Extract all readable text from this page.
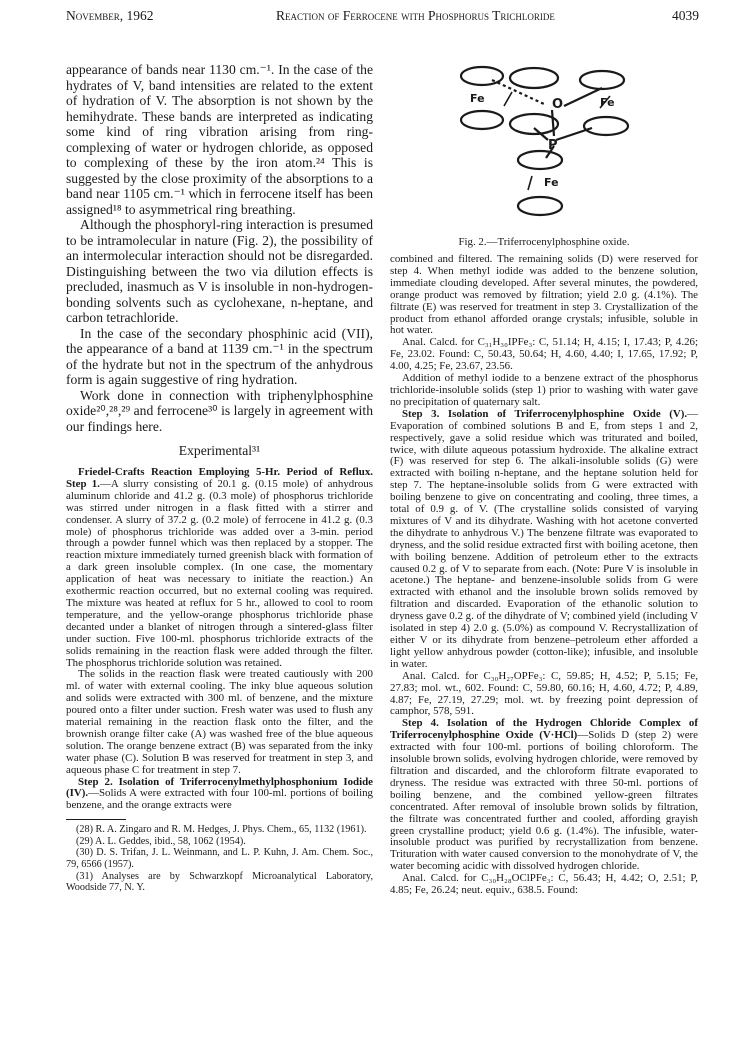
November, 1962	Reaction of Ferrocene with Phosphorus Trichloride	4039

appearance of bands near 1130 cm.⁻¹. In the case of the hydrates of V, band intensities are related to the extent of hydration of V. The absorption is not shown by the hemihydrate. These bands are interpreted as indicating some kind of ring vibration arising from ring-complexing of water or hydrogen chloride, as opposed to complexing of these by the iron atom.²⁴ This is suggested by the close proximity of the absorptions to a band near 1105 cm.⁻¹ which in ferrocene itself has been assigned¹⁸ to asymmetrical ring breathing.

Although the phosphoryl-ring interaction is presumed to be intramolecular in nature (Fig. 2), the possibility of an intermolecular interaction should not be disregarded. Distinguishing between the two via dilution effects is precluded, inasmuch as V is insoluble in non-hydrogen-bonding solvents such as cyclohexane, n-heptane, and carbon tetrachloride.

In the case of the secondary phosphinic acid (VII), the appearance of a band at 1139 cm.⁻¹ in the spectrum of the hydrate but not in the spectrum of the anhydrous form is again suggestive of ring hydration.

Work done in connection with triphenylphosphine oxide²⁰,²⁸,²⁹ and ferrocene³⁰ is largely in agreement with our findings here.

Experimental³¹

Friedel-Crafts Reaction Employing 5-Hr. Period of Reflux. Step 1.—A slurry consisting of 20.1 g. (0.15 mole) of anhydrous aluminum chloride and 41.2 g. (0.3 mole) of phosphorus trichloride was stirred under nitrogen in a flask fitted with a stirrer and condenser. A slurry of 37.2 g. (0.2 mole) of ferrocene in 41.2 g. (0.3 mole) of phosphorus trichloride was added over a 3-min. period through a powder funnel which was then replaced by a stopper. The reaction mixture immediately turned greenish black with formation of a dark green insoluble complex. (In one case, the momentary application of heat was necessary to initiate the reaction.) An exothermic reaction occurred, but no external cooling was required. The mixture was heated at reflux for 5 hr., allowed to cool to room temperature, and the yellow-orange phosphorus trichloride phase decanted under a blanket of nitrogen through a sintered-glass filter under suction. Five 100-ml. phosphorus trichloride extracts of the solids remaining in the reaction flask were added through the filter. The phosphorus trichloride solution was retained.

The solids in the reaction flask were treated cautiously with 200 ml. of water with external cooling. The inky blue aqueous solution and solids were extracted with 300 ml. of benzene, and the mixture poured onto a filter under suction. Fresh water was used to flush any material remaining in the reaction flask onto the filter, and the brownish orange filter cake (A) was washed free of the blue aqueous solution. The orange benzene extract (B) was separated from the inky water phase (C). Solution B was reserved for treatment in step 3, and aqueous phase C for treatment in step 7.

Step 2. Isolation of Triferrocenylmethylphosphonium Iodide (IV).—Solids A were extracted with four 100-ml. portions of boiling benzene, and the orange extracts were

(28) R. A. Zingaro and R. M. Hedges, J. Phys. Chem., 65, 1132 (1961).

(29) A. L. Geddes, ibid., 58, 1062 (1954).

(30) D. S. Trifan, J. L. Weinmann, and L. P. Kuhn, J. Am. Chem. Soc., 79, 6566 (1957).

(31) Analyses are by Schwarzkopf Microanalytical Laboratory, Woodside 77, N. Y.

Fe	Fe
Fe
O
P
Fig. 2.—Triferrocenylphosphine oxide.

combined and filtered. The remaining solids (D) were reserved for step 4. When methyl iodide was added to the benzene solution, immediate clouding developed. After several minutes, the powdered, orange product was removed by filtration; yield 2.0 g. (4.1%). The filtrate (E) was reserved for treatment in step 3. Crystallization of the product from ethanol afforded orange crystals; infusible, soluble in hot water.

Anal. Calcd. for C₃₁H₃₀IPFe₃: C, 51.14; H, 4.15; I, 17.43; P, 4.26; Fe, 23.02. Found: C, 50.43, 50.64; H, 4.60, 4.40; I, 17.65, 17.92; P, 4.00, 4.25; Fe, 23.67, 23.56.

Addition of methyl iodide to a benzene extract of the phosphorus trichloride-insoluble solids (step 1) prior to washing with water gave no precipitation of quaternary salt.

Step 3. Isolation of Triferrocenylphosphine Oxide (V).—Evaporation of combined solutions B and E, from steps 1 and 2, respectively, gave a solid residue which was triturated and boiled, twice, with dilute aqueous potassium hydroxide. The alkaline extract (F) was reserved for step 6. The alkali-insoluble solids (G) were extracted with boiling n-heptane, and the heptane solution held for step 7. The heptane-insoluble solids from G were extracted with boiling benzene to give on concentrating and cooling, three times, a total of 0.9 g. of V. (The crystalline solids consisted of varying mixtures of V and its dihydrate. Washing with hot acetone converted the dihydrate to anhydrous V.) The benzene filtrate was evaporated to dryness, and the solid residue extracted first with boiling acetone, then with boiling benzene. Addition of petroleum ether to the extracts caused 0.2 g. of V to separate from each. (Note: Pure V is insoluble in acetone.) The heptane- and benzene-insoluble solids from G were extracted with ethanol and the insoluble brown solids removed by filtration and discarded. Evaporation of the ethanolic solution to dryness gave 0.2 g. of the dihydrate of V; combined yield (including V isolated in step 4) 2.0 g. (5.0%) as compound V. Recrystallization of either V or its dihydrate from benzene–petroleum ether afforded a light yellow anhydrous powder (cotton-like); infusible, and insoluble in water.

Anal. Calcd. for C₃₀H₂₇OPFe₃: C, 59.85; H, 4.52; P, 5.15; Fe, 27.83; mol. wt., 602. Found: C, 59.80, 60.16; H, 4.60, 4.72; P, 4.89, 4.87; Fe, 27.19, 27.29; mol. wt. by freezing point depression of camphor, 578, 591.

Step 4. Isolation of the Hydrogen Chloride Complex of Triferrocenylphosphine Oxide (V·HCl)—Solids D (step 2) were extracted with four 100-ml. portions of boiling chloroform. The insoluble brown solids, evolving hydrogen chloride, were removed by filtration and discarded, and the chloroform filtrate evaporated to dryness. The residue was extracted with three 50-ml. portions of boiling benzene, and the combined yellow-green filtrates concentrated. After removal of insoluble brown solids by filtration, the filtrate was concentrated further and cooled, affording grayish green crystalline product; yield 0.6 g. (1.4%). The infusible, water-insoluble product was purified by recrystallization from benzene. Trituration with water caused conversion to the monohydrate of V, the water becoming acidic with dissolved hydrogen chloride.

Anal. Calcd. for C₃₀H₂₈OClPFe₃: C, 56.43; H, 4.42; O, 2.51; P, 4.85; Fe, 26.24; neut. equiv., 638.5. Found:
